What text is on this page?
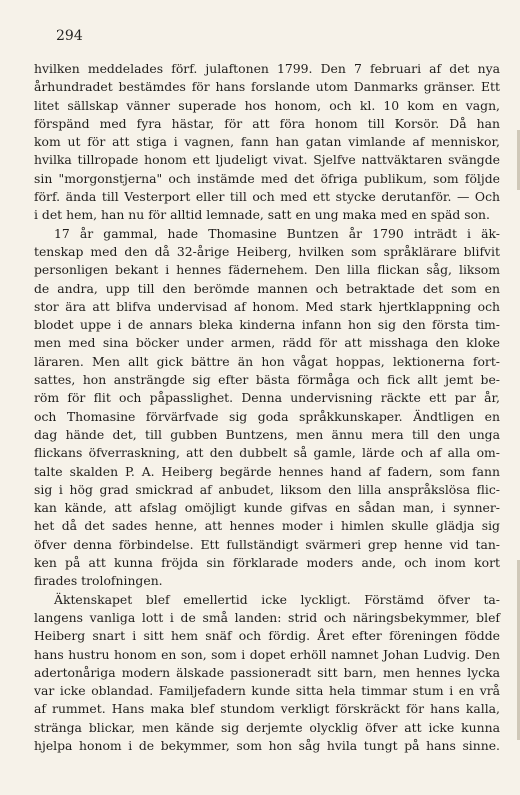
294
hvilken meddelades förf. julaftonen 1799. Den 7 februari af det nya
århundradet bestämdes för hans forslande utom Danmarks gränser. Ett
litet sällskap vänner superade hos honom, och kl. 10 kom en vagn,
förspänd med fyra hästar, för att föra honom till Korsör. Då han
kom ut för att stiga i vagnen, fann han gatan vimlande af menniskor,
hvilka tillropade honom ett ljudeligt vivat. Sjelfve nattväktaren svängde
sin "morgonstjerna" och instämde med det öfriga publikum, som följde
förf. ända till Vesterport eller till och med ett stycke derutanför. — Och
i det hem, han nu för alltid lemnade, satt en ung maka med en späd son.
17 år gammal, hade Thomasine Buntzen år 1790 inträdt i äk-
tenskap med den då 32-årige Heiberg, hvilken som språklärare blifvit
personligen bekant i hennes fädernehem. Den lilla flickan såg, liksom
de andra, upp till den berömde mannen och betraktade det som en
stor ära att blifva undervisad af honom. Med stark hjertklappning och
blodet uppe i de annars bleka kinderna infann hon sig den första tim-
men med sina böcker under armen, rädd för att misshaga den kloke
läraren. Men allt gick bättre än hon vågat hoppas, lektionerna fort-
sattes, hon ansträngde sig efter bästa förmåga och fick allt jemt be-
röm för flit och påpasslighet. Denna undervisning räckte ett par år,
och Thomasine förvärfvade sig goda språkkunskaper. Ändtligen en
dag hände det, till gubben Buntzens, men ännu mera till den unga
flickans öfverraskning, att den dubbelt så gamle, lärde och af alla om-
talte skalden P. A. Heiberg begärde hennes hand af fadern, som fann
sig i hög grad smickrad af anbudet, liksom den lilla anspråkslösa flic-
kan kände, att afslag omöjligt kunde gifvas en sådan man, i synner-
het då det sades henne, att hennes moder i himlen skulle glädja sig
öfver denna förbindelse. Ett fullständigt svärmeri grep henne vid tan-
ken på att kunna fröjda sin förklarade moders ande, och inom kort
firades trolofningen.
Äktenskapet blef emellertid icke lyckligt. Förstämd öfver ta-
langens vanliga lott i de små landen: strid och näringsbekymmer, blef
Heiberg snart i sitt hem snäf och fördig. Året efter föreningen födde
hans hustru honom en son, som i dopet erhöll namnet Johan Ludvig. Den
adertonåriga modern älskade passioneradt sitt barn, men hennes lycka
var icke oblandad. Familjefadern kunde sitta hela timmar stum i en vrå
af rummet. Hans maka blef stundom verkligt förskräckt för hans kalla,
stränga blickar, men kände sig derjemte olycklig öfver att icke kunna
hjelpa honom i de bekymmer, som hon såg hvila tungt på hans sinne.
